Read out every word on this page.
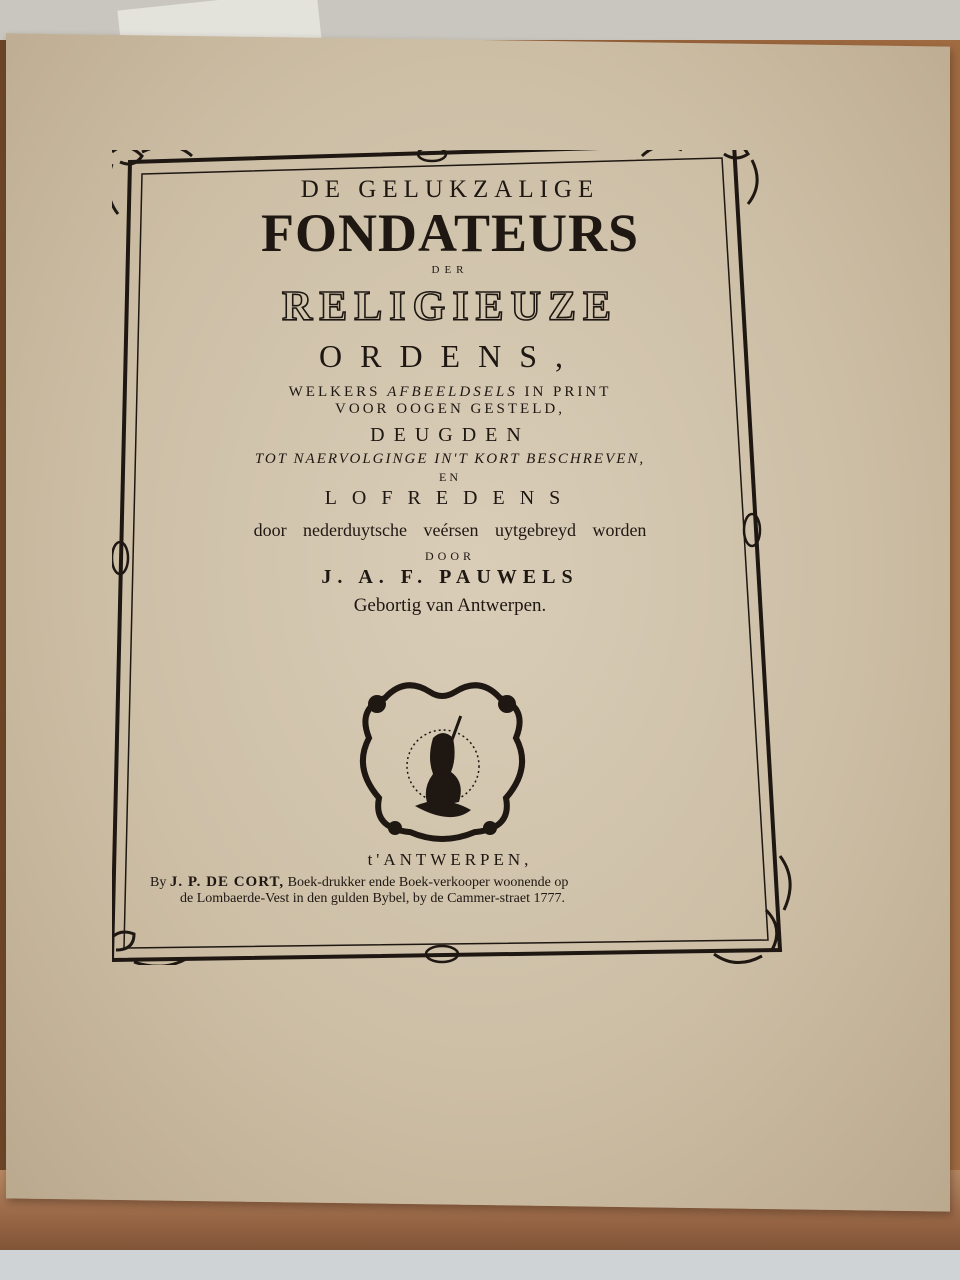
DE GELUKZALIGE
FONDATEURS
DER
RELIGIEUZE
ORDENS,
WELKERS AFBEELDSELS IN PRINT
VOOR OOGEN GESTELD,
DEUGDEN
TOT NAERVOLGINGE IN'T KORT BESCHREVEN,
EN
LOFREDENS
door nederduytsche veérsen uytgebreyd worden
DOOR
J. A. F. PAUWELS
Gebortig van Antwerpen.
t'ANTWERPEN,
By J. P. DE CORT, Boek-drukker ende Boek-verkooper woonende op
de Lombaerde-Vest in den gulden Bybel, by de Cammer-straet 1777.
